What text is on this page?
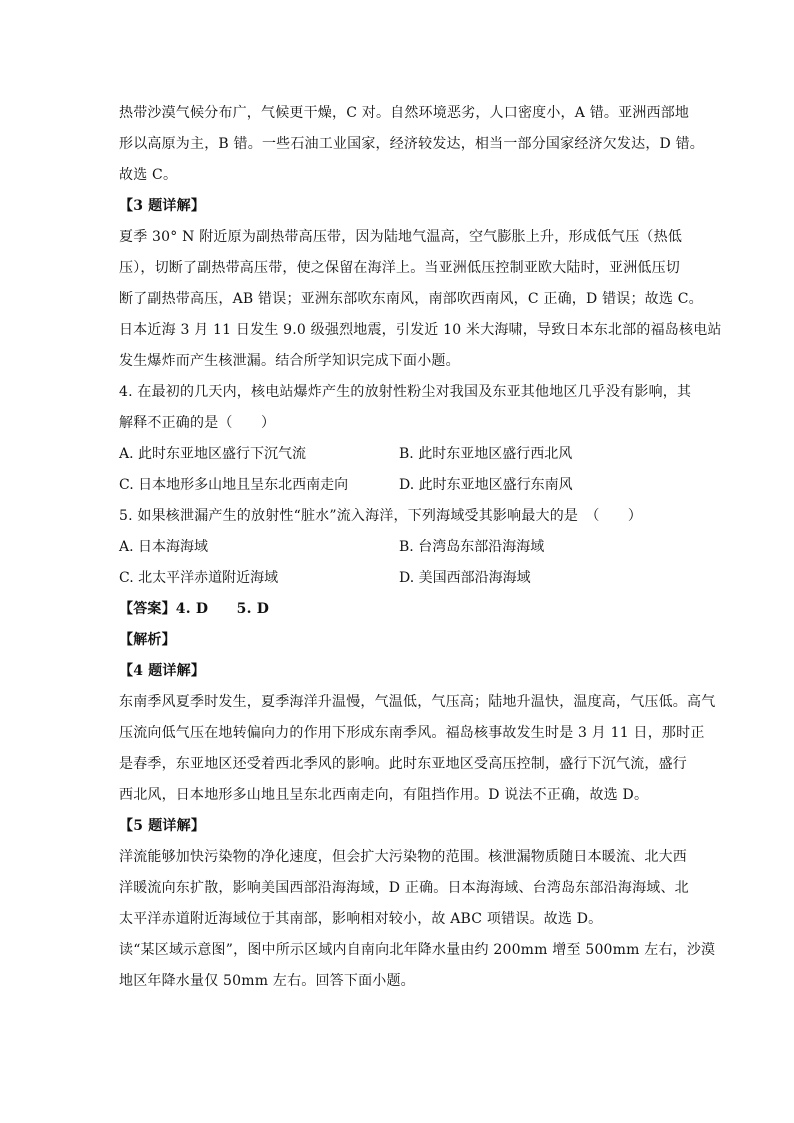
热带沙漠气候分布广，气候更干燥，C 对。自然环境恶劣，人口密度小，A 错。亚洲西部地

形以高原为主，B 错。一些石油工业国家，经济较发达，相当一部分国家经济欠发达，D 错。

故选 C。

【3 题详解】

夏季 30° N 附近原为副热带高压带，因为陆地气温高，空气膨胀上升，形成低气压（热低

压），切断了副热带高压带，使之保留在海洋上。当亚洲低压控制亚欧大陆时，亚洲低压切

断了副热带高压，AB 错误；亚洲东部吹东南风，南部吹西南风，C 正确，D 错误；故选 C。

日本近海 3 月 11 日发生 9.0 级强烈地震，引发近 10 米大海啸，导致日本东北部的福岛核电站

发生爆炸而产生核泄漏。结合所学知识完成下面小题。

4. 在最初的几天内，核电站爆炸产生的放射性粉尘对我国及东亚其他地区几乎没有影响，其

解释不正确的是（　　）

A. 此时东亚地区盛行下沉气流	B. 此时东亚地区盛行西北风
C. 日本地形多山地且呈东北西南走向	D. 此时东亚地区盛行东南风

5. 如果核泄漏产生的放射性“脏水”流入海洋，下列海域受其影响最大的是　（　　）

A. 日本海海域	B. 台湾岛东部沿海海域
C. 北太平洋赤道附近海域	D. 美国西部沿海海域

【答案】4. D　　5. D

【解析】

【4 题详解】

东南季风夏季时发生，夏季海洋升温慢，气温低，气压高；陆地升温快，温度高，气压低。高气

压流向低气压在地转偏向力的作用下形成东南季风。福岛核事故发生时是 3 月 11 日，那时正

是春季，东亚地区还受着西北季风的影响。此时东亚地区受高压控制，盛行下沉气流，盛行

西北风，日本地形多山地且呈东北西南走向，有阻挡作用。D 说法不正确，故选 D。

【5 题详解】

洋流能够加快污染物的净化速度，但会扩大污染物的范围。核泄漏物质随日本暖流、北大西

洋暖流向东扩散，影响美国西部沿海海域，D 正确。日本海海域、台湾岛东部沿海海域、北

太平洋赤道附近海域位于其南部，影响相对较小，故 ABC 项错误。故选 D。

读“某区域示意图”，图中所示区域内自南向北年降水量由约 200mm 增至 500mm 左右，沙漠

地区年降水量仅 50mm 左右。回答下面小题。
